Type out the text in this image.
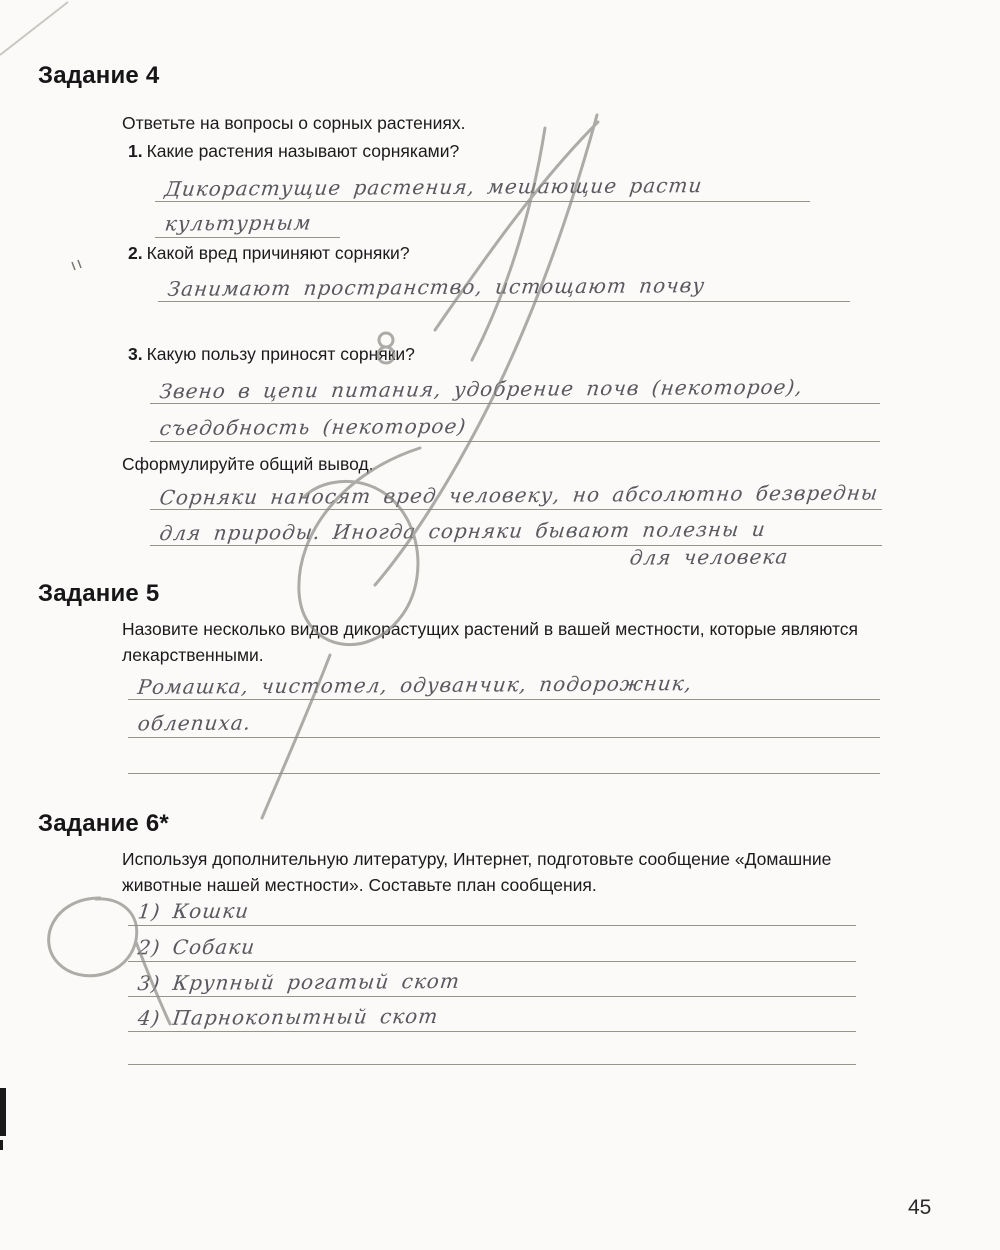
Задание 4
Ответьте на вопросы о сорных растениях.
1. Какие растения называют сорняками?
Дикорастущие растения, мешающие расти
культурным
2. Какой вред причиняют сорняки?
Занимают пространство, истощают почву
3. Какую пользу приносят сорняки?
Звено в цепи питания, удобрение почв (некоторое),
съедобность (некоторое)
Сформулируйте общий вывод.
Сорняки наносят вред человеку, но абсолютно безвредны
для природы. Иногда сорняки бывают полезны и
для человека
Задание 5
Назовите несколько видов дикорастущих растений в вашей местности, которые являются лекарственными.
Ромашка, чистотел, одуванчик, подорожник,
облепиха.
Задание 6*
Используя дополнительную литературу, Интернет, подготовьте сообщение «Домашние животные нашей местности». Составьте план сообщения.
1) Кошки
2) Собаки
3) Крупный рогатый скот
4) Парнокопытный скот
45
